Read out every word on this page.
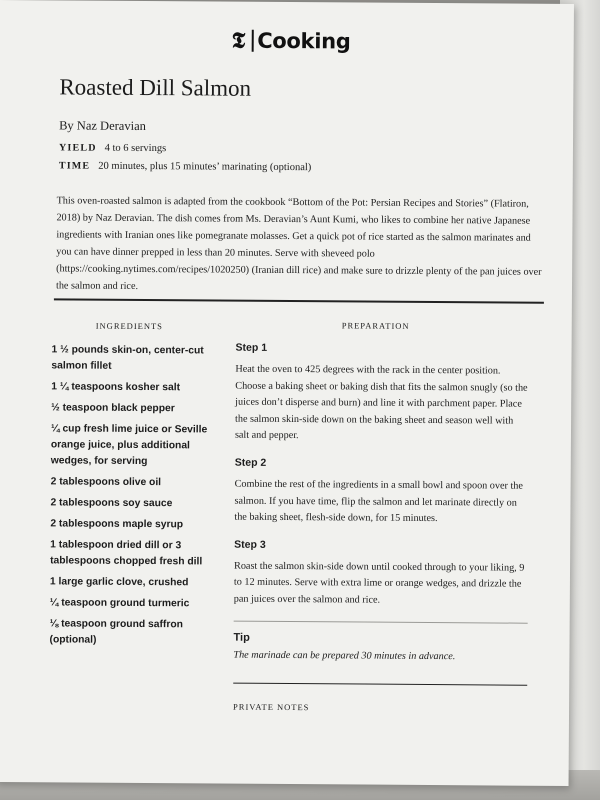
𝕿 Cooking
Roasted Dill Salmon
By Naz Deravian
YIELD 4 to 6 servings
TIME 20 minutes, plus 15 minutes’ marinating (optional)

This oven-roasted salmon is adapted from the cookbook “Bottom of the Pot: Persian Recipes and Stories” (Flatiron, 2018) by Naz Deravian. The dish comes from Ms. Deravian’s Aunt Kumi, who likes to combine her native Japanese ingredients with Iranian ones like pomegranate molasses. Get a quick pot of rice started as the salmon marinates and you can have dinner prepped in less than 20 minutes. Serve with sheveed polo (https://cooking.nytimes.com/recipes/1020250) (Iranian dill rice) and make sure to drizzle plenty of the pan juices over the salmon and rice.

INGREDIENTS
1 ½ pounds skin-on, center-cut salmon fillet
1 ¼ teaspoons kosher salt
½ teaspoon black pepper
¼ cup fresh lime juice or Seville orange juice, plus additional wedges, for serving
2 tablespoons olive oil
2 tablespoons soy sauce
2 tablespoons maple syrup
1 tablespoon dried dill or 3 tablespoons chopped fresh dill
1 large garlic clove, crushed
¼ teaspoon ground turmeric
⅛ teaspoon ground saffron (optional)
PREPARATION
Step 1

Heat the oven to 425 degrees with the rack in the center position. Choose a baking sheet or baking dish that fits the salmon snugly (so the juices don’t disperse and burn) and line it with parchment paper. Place the salmon skin-side down on the baking sheet and season well with salt and pepper.

Step 2

Combine the rest of the ingredients in a small bowl and spoon over the salmon. If you have time, flip the salmon and let marinate directly on the baking sheet, flesh-side down, for 15 minutes.

Step 3

Roast the salmon skin-side down until cooked through to your liking, 9 to 12 minutes. Serve with extra lime or orange wedges, and drizzle the pan juices over the salmon and rice.

Tip

The marinade can be prepared 30 minutes in advance.

PRIVATE NOTES
